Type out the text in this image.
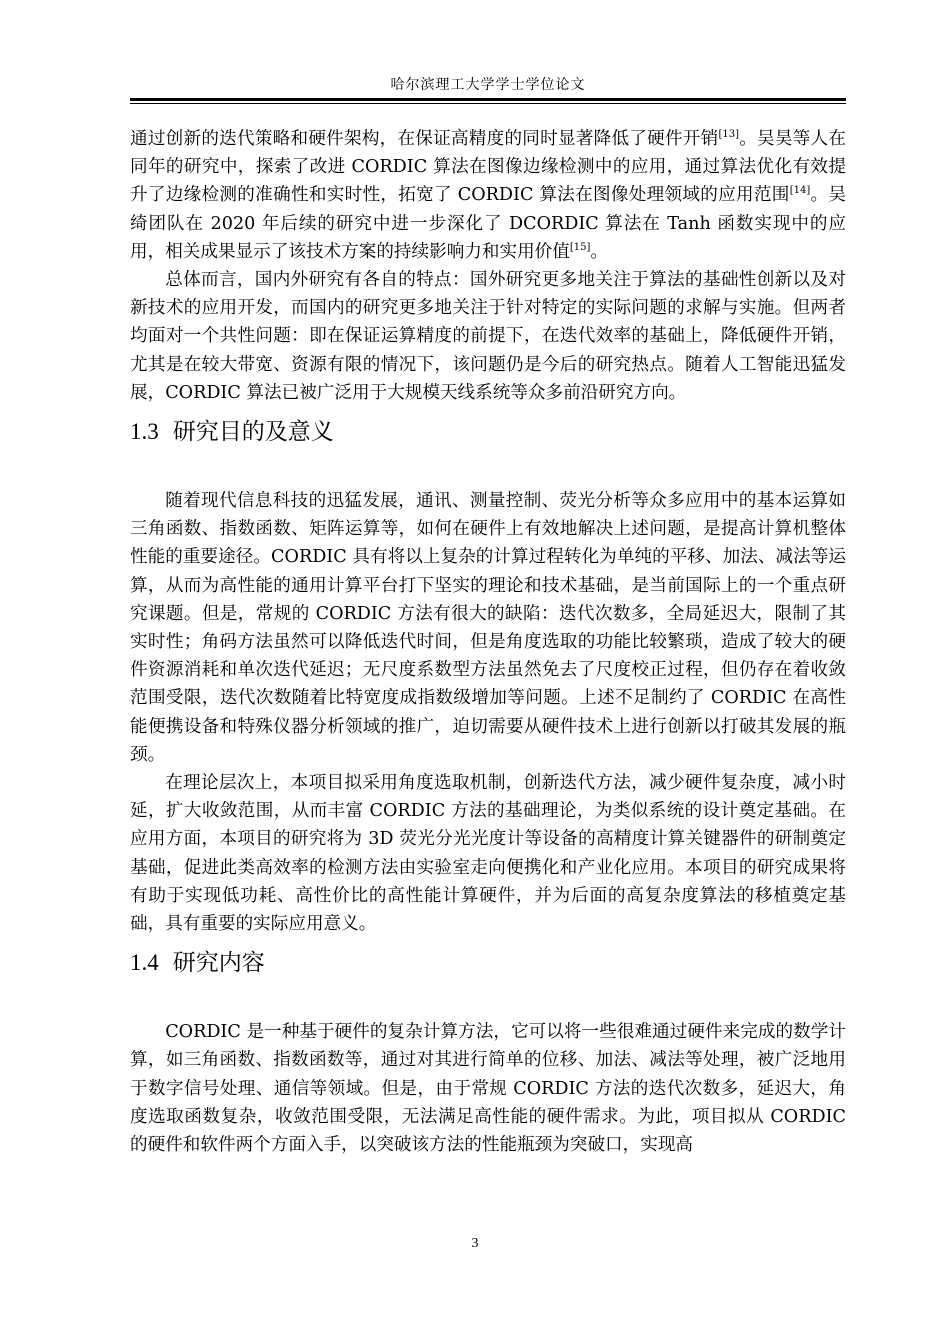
哈尔滨理工大学学士学位论文

通过创新的迭代策略和硬件架构，在保证高精度的同时显著降低了硬件开销[13]。吴昊等人在同年的研究中，探索了改进 CORDIC 算法在图像边缘检测中的应用，通过算法优化有效提升了边缘检测的准确性和实时性，拓宽了 CORDIC 算法在图像处理领域的应用范围[14]。吴绮团队在 2020 年后续的研究中进一步深化了 DCORDIC 算法在 Tanh 函数实现中的应用，相关成果显示了该技术方案的持续影响力和实用价值[15]。

总体而言，国内外研究有各自的特点：国外研究更多地关注于算法的基础性创新以及对新技术的应用开发，而国内的研究更多地关注于针对特定的实际问题的求解与实施。但两者均面对一个共性问题：即在保证运算精度的前提下，在迭代效率的基础上，降低硬件开销，尤其是在较大带宽、资源有限的情况下，该问题仍是今后的研究热点。随着人工智能迅猛发展，CORDIC 算法已被广泛用于大规模天线系统等众多前沿研究方向。

1.3 研究目的及意义

随着现代信息科技的迅猛发展，通讯、测量控制、荧光分析等众多应用中的基本运算如三角函数、指数函数、矩阵运算等，如何在硬件上有效地解决上述问题，是提高计算机整体性能的重要途径。CORDIC 具有将以上复杂的计算过程转化为单纯的平移、加法、减法等运算，从而为高性能的通用计算平台打下坚实的理论和技术基础，是当前国际上的一个重点研究课题。但是，常规的 CORDIC 方法有很大的缺陷：迭代次数多，全局延迟大，限制了其实时性；角码方法虽然可以降低迭代时间，但是角度选取的功能比较繁琐，造成了较大的硬件资源消耗和单次迭代延迟；无尺度系数型方法虽然免去了尺度校正过程，但仍存在着收敛范围受限，迭代次数随着比特宽度成指数级增加等问题。上述不足制约了 CORDIC 在高性能便携设备和特殊仪器分析领域的推广，迫切需要从硬件技术上进行创新以打破其发展的瓶颈。

在理论层次上，本项目拟采用角度选取机制，创新迭代方法，减少硬件复杂度，减小时延，扩大收敛范围，从而丰富 CORDIC 方法的基础理论，为类似系统的设计奠定基础。在应用方面，本项目的研究将为 3D 荧光分光光度计等设备的高精度计算关键器件的研制奠定基础，促进此类高效率的检测方法由实验室走向便携化和产业化应用。本项目的研究成果将有助于实现低功耗、高性价比的高性能计算硬件，并为后面的高复杂度算法的移植奠定基础，具有重要的实际应用意义。

1.4 研究内容

CORDIC 是一种基于硬件的复杂计算方法，它可以将一些很难通过硬件来完成的数学计算，如三角函数、指数函数等，通过对其进行简单的位移、加法、减法等处理，被广泛地用于数字信号处理、通信等领域。但是，由于常规 CORDIC 方法的迭代次数多，延迟大，角度选取函数复杂，收敛范围受限，无法满足高性能的硬件需求。为此，项目拟从 CORDIC 的硬件和软件两个方面入手，以突破该方法的性能瓶颈为突破口，实现高

3
